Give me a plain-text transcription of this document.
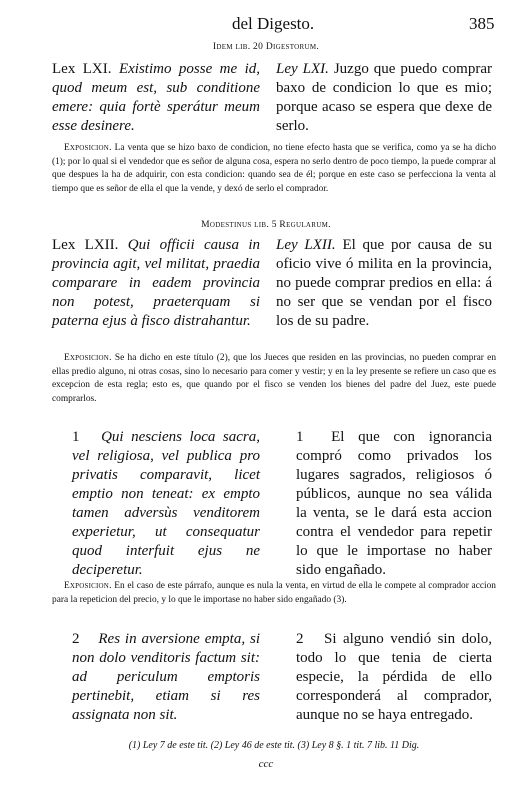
del Digesto.	385
Idem lib. 20 Digestorum.
Lex LXI. Existimo posse me id, quod meum est, sub conditione emere: quia fortè sperátur meum esse desinere.
Ley LXI. Juzgo que puedo comprar baxo de condicion lo que es mio; porque acaso se espera que dexe de serlo.
Exposicion. La venta que se hizo baxo de condicion, no tiene efecto hasta que se verifica, como ya se ha dicho (1); por lo qual si el vendedor que es señor de alguna cosa, espera no serlo dentro de poco tiempo, la puede comprar al que despues la ha de adquirir, con esta condicion: quando sea de él; porque en este caso se perfecciona la venta al tiempo que es señor de ella el que la vende, y dexó de serlo el comprador.
Modestinus lib. 5 Regularum.
Lex LXII. Qui officii causa in provincia agit, vel militat, praedia comparare in eadem provincia non potest, praeterquam si paterna ejus à fisco distrahantur.
Ley LXII. El que por causa de su oficio vive ó milita en la provincia, no puede comprar predios en ella: á no ser que se vendan por el fisco los de su padre.
Exposicion. Se ha dicho en este título (2), que los Jueces que residen en las provincias, no pueden comprar en ellas predio alguno, ni otras cosas, sino lo necesario para comer y vestir; y en la ley presente se refiere un caso que es excepcion de esta regla; esto es, que quando por el fisco se venden los bienes del padre del Juez, este puede comprarlos.
1 Qui nesciens loca sacra, vel religiosa, vel publica pro privatis comparavit, licet emptio non teneat: ex empto tamen adversùs venditorem experietur, ut consequatur quod interfuit ejus ne deciperetur.
1 El que con ignorancia compró como privados los lugares sagrados, religiosos ó públicos, aunque no sea válida la venta, se le dará esta accion contra el vendedor para repetir lo que le importase no haber sido engañado.
Exposicion. En el caso de este párrafo, aunque es nula la venta, en virtud de ella le compete al comprador accion para la repeticion del precio, y lo que le importase no haber sido engañado (3).
2 Res in aversione empta, si non dolo venditoris factum sit: ad periculum emptoris pertinebit, etiam si res assignata non sit.
2 Si alguno vendió sin dolo, todo lo que tenia de cierta especie, la pérdida de ello corresponderá al comprador, aunque no se haya entregado.
(1) Ley 7 de este tit. (2) Ley 46 de este tit. (3) Ley 8 §. 1 tit. 7 lib. 11 Dig.
ccc
